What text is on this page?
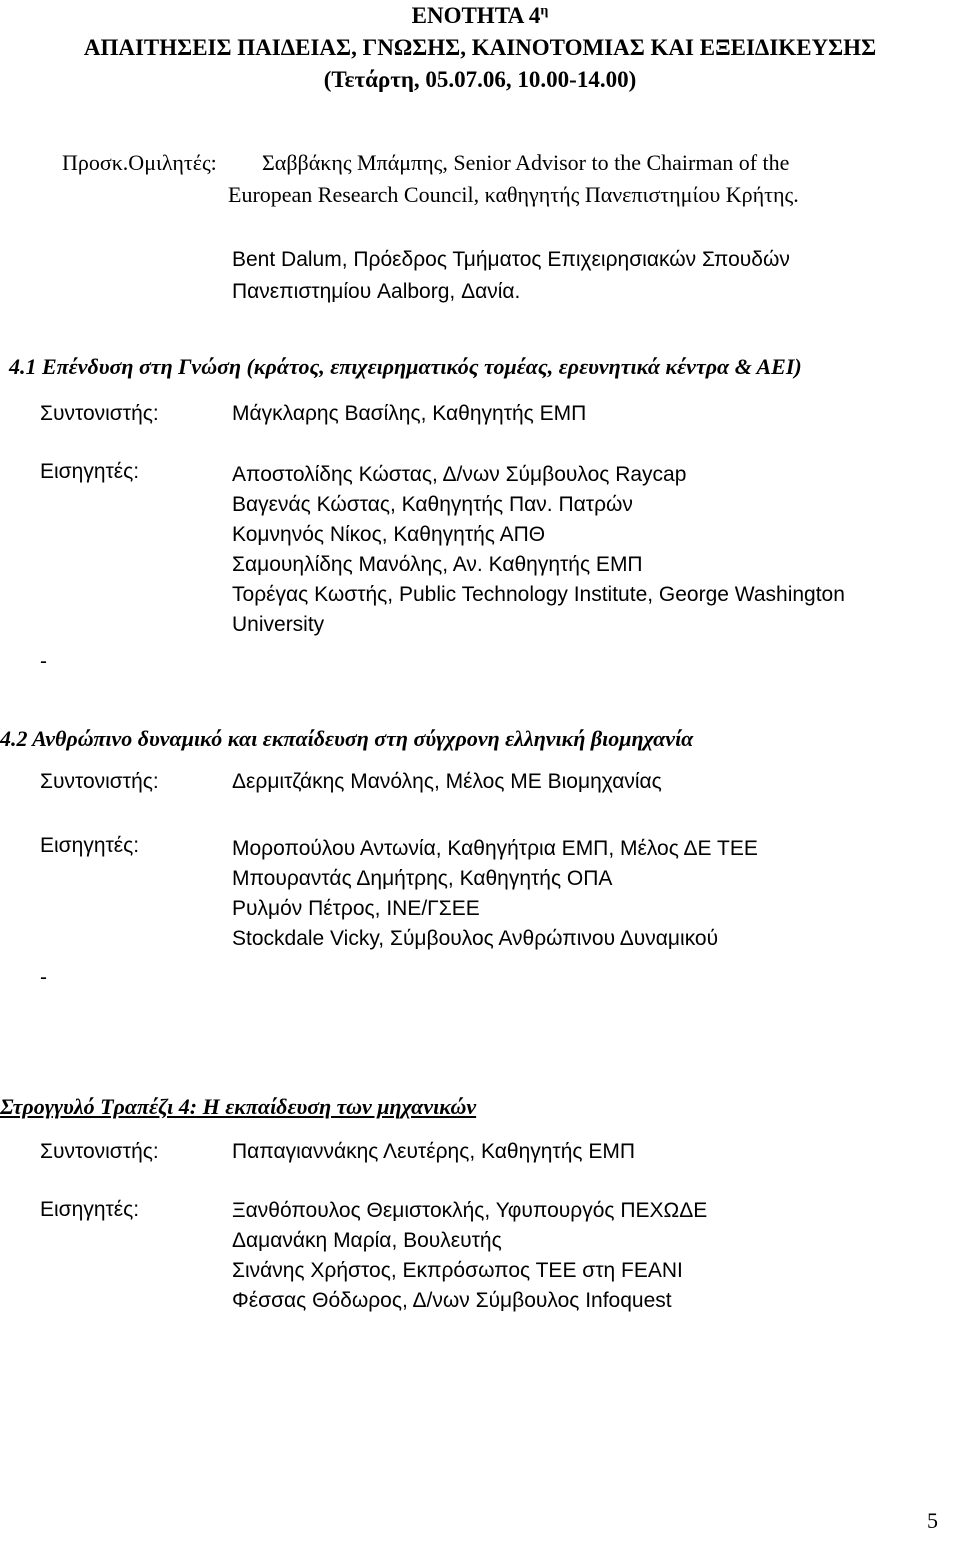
ΕΝΟΤΗΤΑ $4^\eta$
ΑΠΑΙΤΗΣΕΙΣ ΠΑΙΔΕΙΑΣ, ΓΝΩΣΗΣ, ΚΑΙΝΟΤΟΜΙΑΣ ΚΑΙ ΕΞΕΙΔΙΚΕΥΣΗΣ
(Τετάρτη, 05.07.06, 10.00-14.00)
Προσκ.Ομιλητές: Σαββάκης Μπάμπης, Senior Advisor to the Chairman of the
European Research Council, καθηγητής Πανεπιστημίου Κρήτης.
Bent Dalum, Πρόεδρος Τμήματος Επιχειρησιακών Σπουδών
Πανεπιστημίου Aalborg, Δανία.
4.1 Επένδυση στη Γνώση (κράτος, επιχειρηματικός τομέας, ερευνητικά κέντρα & ΑΕΙ)
Συντονιστής:	Μάγκλαρης Βασίλης, Καθηγητής ΕΜΠ
Εισηγητές:	Αποστολίδης Κώστας, Δ/νων Σύμβουλος Raycap
Βαγενάς Κώστας, Καθηγητής Παν. Πατρών
Κομνηνός Νίκος, Καθηγητής ΑΠΘ
Σαμουηλίδης Μανόλης, Αν. Καθηγητής ΕΜΠ
Τορέγας Κωστής, Public Technology Institute, George Washington
University
-
4.2 Ανθρώπινο δυναμικό και εκπαίδευση στη σύγχρονη ελληνική βιομηχανία
Συντονιστής:	Δερμιτζάκης Μανόλης, Μέλος ΜΕ Βιομηχανίας
Εισηγητές:	Μοροπούλου Αντωνία, Καθηγήτρια ΕΜΠ, Μέλος ΔΕ ΤΕΕ
Μπουραντάς Δημήτρης, Καθηγητής ΟΠΑ
Ρυλμόν Πέτρος, ΙΝΕ/ΓΣΕΕ
Stockdale Vicky, Σύμβουλος Ανθρώπινου Δυναμικού
-
Στρογγυλό Τραπέζι 4: Η εκπαίδευση των μηχανικών
Συντονιστής:	Παπαγιαννάκης Λευτέρης, Καθηγητής ΕΜΠ
Εισηγητές:	Ξανθόπουλος Θεμιστοκλής, Υφυπουργός ΠΕΧΩΔΕ
Δαμανάκη Μαρία, Βουλευτής
Σινάνης Χρήστος, Εκπρόσωπος ΤΕΕ στη FEANI
Φέσσας Θόδωρος, Δ/νων Σύμβουλος Infoquest
5
